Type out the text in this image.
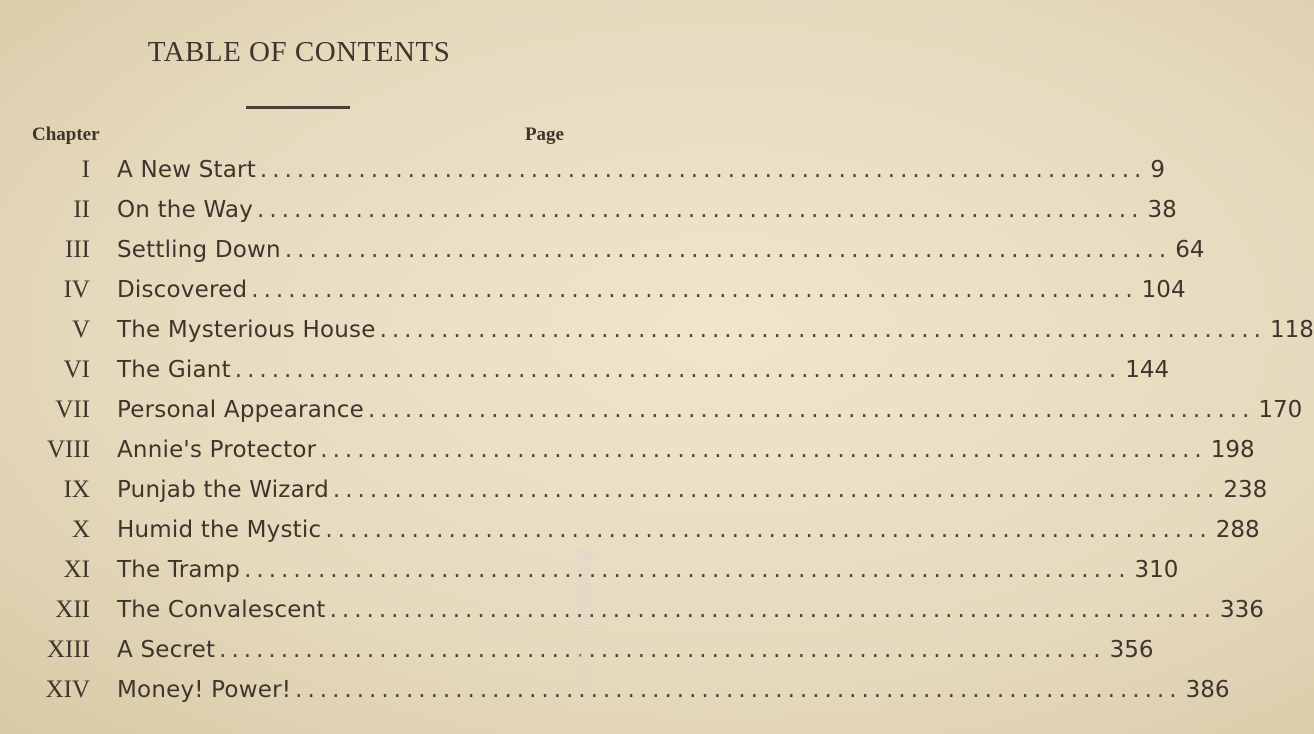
TABLE OF CONTENTS
Chapter	Page
I A New Start ........................................................................ 9
II On the Way ........................................................................ 38
III Settling Down ........................................................................ 64
IV Discovered ........................................................................ 104
V The Mysterious House ........................................................................ 118
VI The Giant ........................................................................ 144
VII Personal Appearance ........................................................................ 170
VIII Annie's Protector ........................................................................ 198
IX Punjab the Wizard ........................................................................ 238
X Humid the Mystic ........................................................................ 288
XI The Tramp ........................................................................ 310
XII The Convalescent ........................................................................ 336
XIII A Secret ........................................................................ 356
XIV Money! Power! ........................................................................ 386
mycomicshop
